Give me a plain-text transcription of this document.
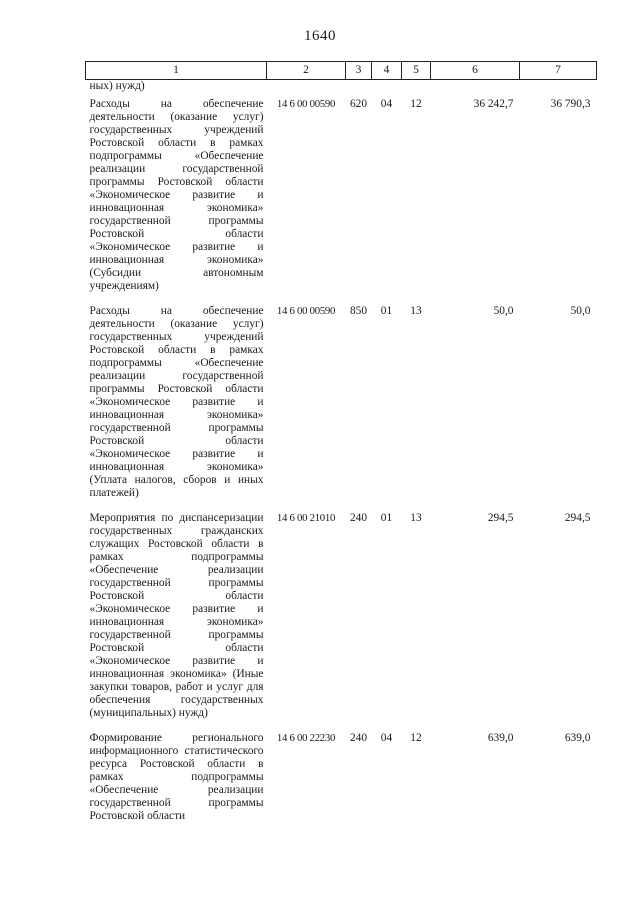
1640
1	2	3	4	5	6	7
ных) нужд)						
Расходы на обеспечение деятельности (оказание услуг) государственных учреждений Ростовской области в рамках подпрограммы «Обеспечение реализации государственной программы Ростовской области «Экономическое развитие и инновационная экономика» государственной программы Ростовской области «Экономическое развитие и инновационная экономика» (Субсидии автономным учреждениям)	14 6 00 00590	620	04	12	36 242,7	36 790,3
Расходы на обеспечение деятельности (оказание услуг) государственных учреждений Ростовской области в рамках подпрограммы «Обеспечение реализации государственной программы Ростовской области «Экономическое развитие и инновационная экономика» государственной программы Ростовской области «Экономическое развитие и инновационная экономика» (Уплата налогов, сборов и иных платежей)	14 6 00 00590	850	01	13	50,0	50,0
Мероприятия по диспансеризации государственных гражданских служащих Ростовской области в рамках подпрограммы «Обеспечение реализации государственной программы Ростовской области «Экономическое развитие и инновационная экономика» государственной программы Ростовской области «Экономическое развитие и инновационная экономика» (Иные закупки товаров, работ и услуг для обеспечения государственных (муниципальных) нужд)	14 6 00 21010	240	01	13	294,5	294,5
Формирование регионального информационного статистического ресурса Ростовской области в рамках подпрограммы «Обеспечение реализации государственной программы Ростовской области	14 6 00 22230	240	04	12	639,0	639,0
